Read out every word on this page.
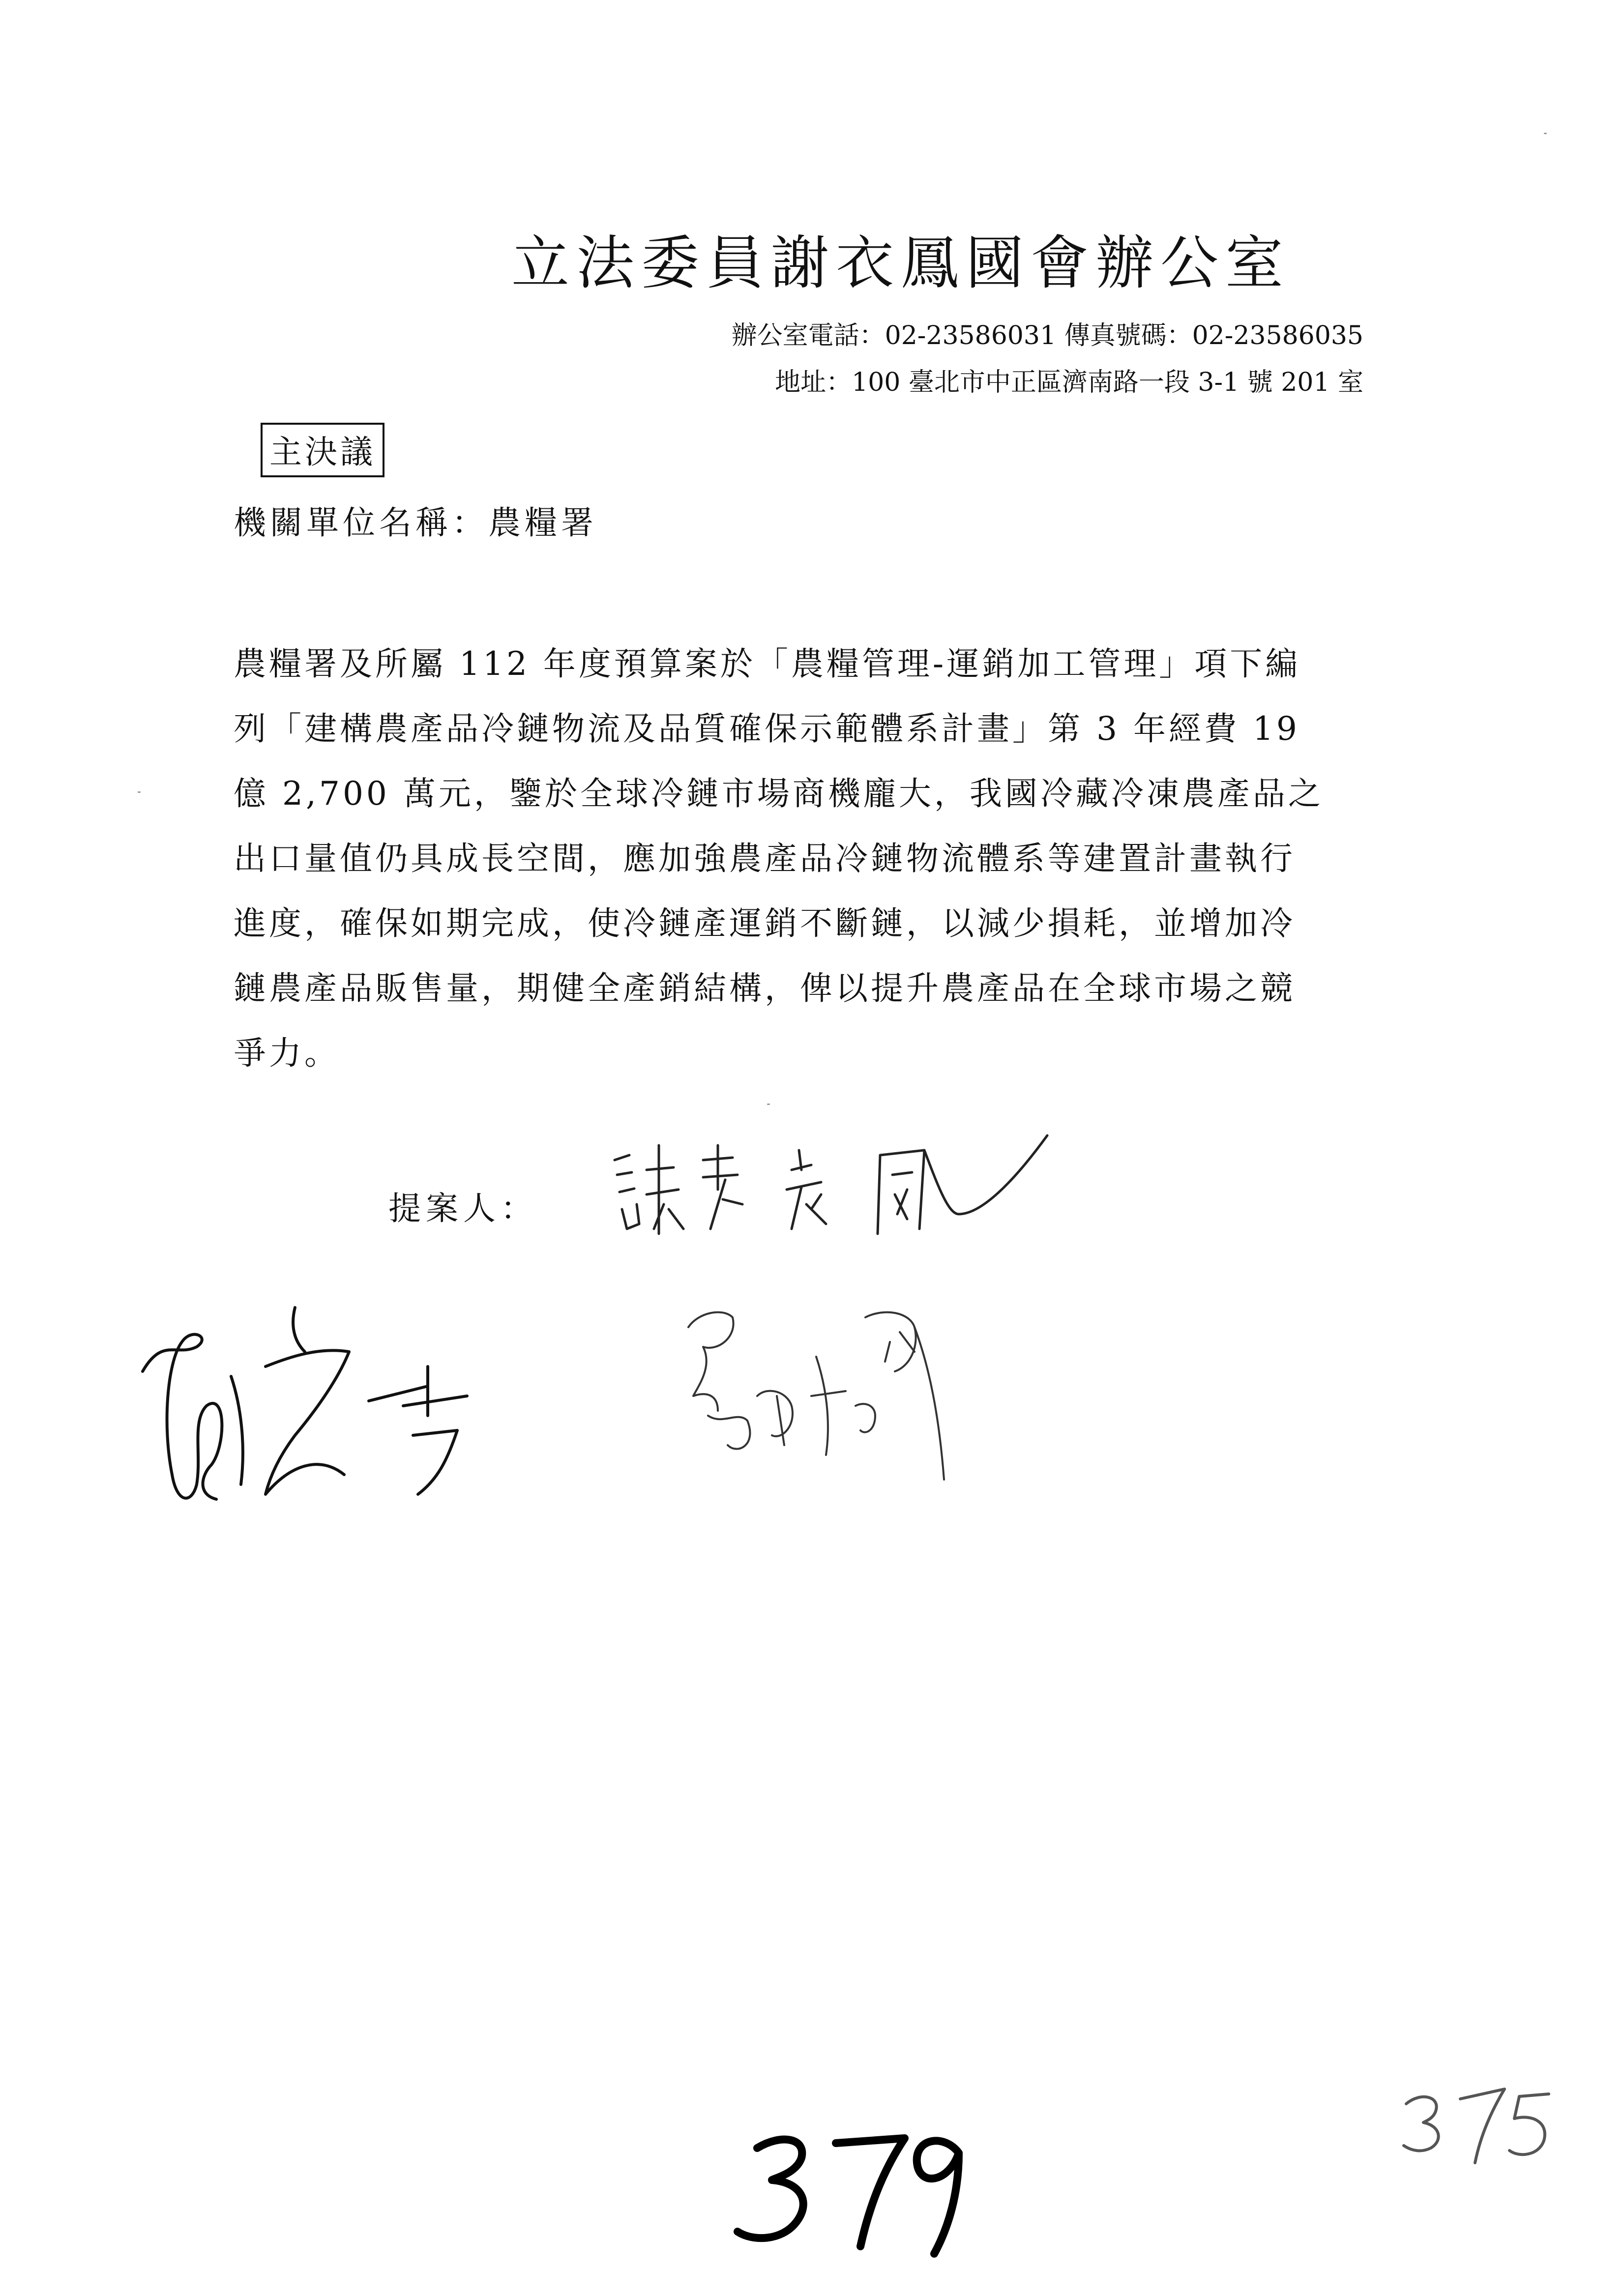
立法委員謝衣鳳國會辦公室
辦公室電話：02-23586031 傳真號碼：02-23586035
地址：100 臺北市中正區濟南路一段 3-1 號 201 室
主決議
機關單位名稱：農糧署
農糧署及所屬 112 年度預算案於「農糧管理-運銷加工管理」項下編
列「建構農產品冷鏈物流及品質確保示範體系計畫」第 3 年經費 19
億 2,700 萬元，鑒於全球冷鏈市場商機龐大，我國冷藏冷凍農產品之
出口量值仍具成長空間，應加強農產品冷鏈物流體系等建置計畫執行
進度，確保如期完成，使冷鏈產運銷不斷鏈，以減少損耗，並增加冷
鏈農產品販售量，期健全產銷結構，俾以提升農產品在全球市場之競
爭力。
提案人：
